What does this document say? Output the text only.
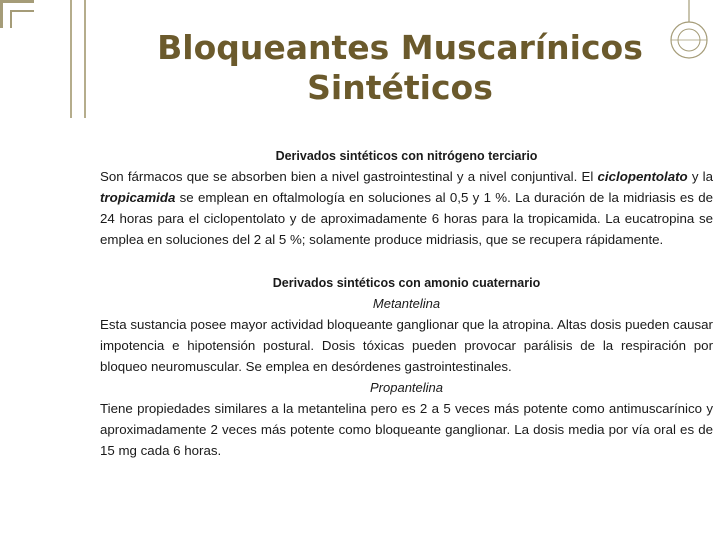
Bloqueantes Muscarínicos
Sintéticos
Derivados sintéticos con nitrógeno terciario

Son fármacos que se absorben bien a nivel gastrointestinal y a nivel conjuntival. El ciclopentolato y la tropicamida se emplean en oftalmología en soluciones al 0,5 y 1 %. La duración de la midriasis es de 24 horas para el ciclopentolato y de aproximadamente 6 horas para la tropicamida. La eucatropina se emplea en soluciones del 2 al 5 %; solamente produce midriasis, que se recupera rápidamente.

Derivados sintéticos con amonio cuaternario
Metantelina

Esta sustancia posee mayor actividad bloqueante ganglionar que la atropina. Altas dosis pueden causar impotencia e hipotensión postural. Dosis tóxicas pueden provocar parálisis de la respiración por bloqueo neuromuscular. Se emplea en desórdenes gastrointestinales.

Propantelina

Tiene propiedades similares a la metantelina pero es 2 a 5 veces más potente como antimuscarínico y aproximadamente 2 veces más potente como bloqueante ganglionar. La dosis media por vía oral es de 15 mg cada 6 horas.
